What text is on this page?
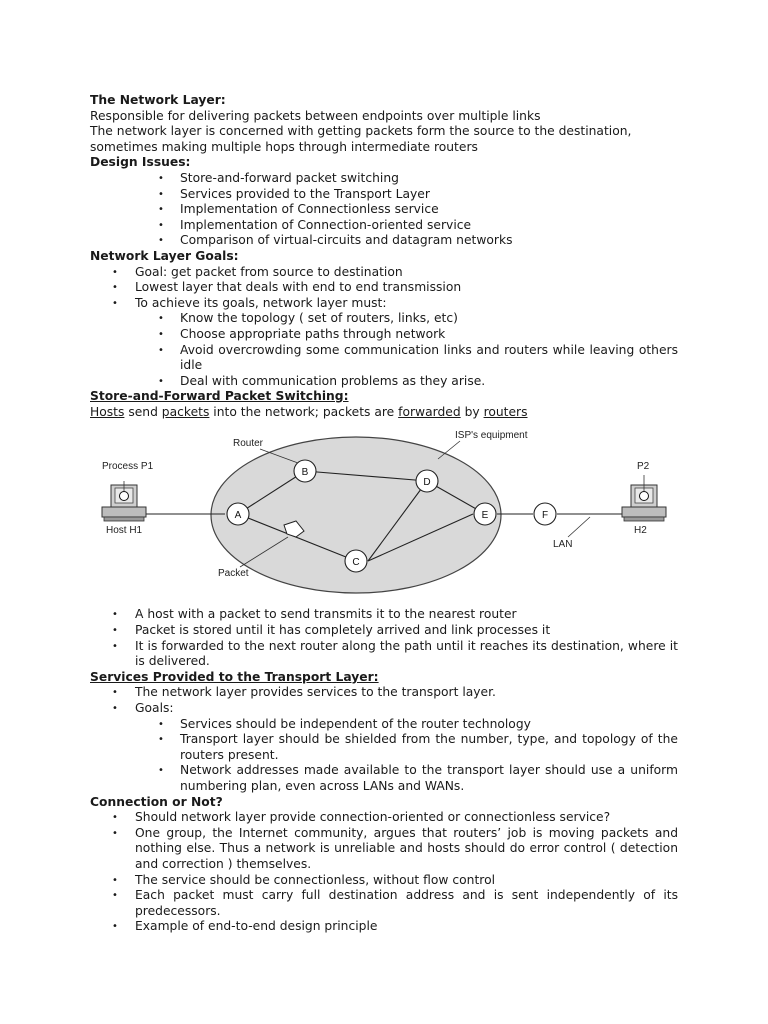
The Network Layer:

Responsible for delivering packets between endpoints over multiple links

The network layer is concerned with getting packets form the source to the destination, sometimes making multiple hops through intermediate routers

Design Issues:

• Store-and-forward packet switching
• Services provided to the Transport Layer
• Implementation of Connectionless service
• Implementation of Connection-oriented service
• Comparison of virtual-circuits and datagram networks

Network Layer Goals:

• Goal: get packet from source to destination
• Lowest layer that deals with end to end transmission
• To achieve its goals, network layer must:
• Know the topology ( set of routers, links, etc)
• Choose appropriate paths through network
• Avoid overcrowding some communication links and routers while leaving others idle
• Deal with communication problems as they arise.

Store-and-Forward Packet Switching:

Hosts send packets into the network; packets are forwarded by routers

ISP's equipment
A
B
C
D
E	F
Router
Packet
Process P1
Host H1
P2
H2
LAN
• A host with a packet to send transmits it to the nearest router
• Packet is stored until it has completely arrived and link processes it
• It is forwarded to the next router along the path until it reaches its destination, where it is delivered.

Services Provided to the Transport Layer:

• The network layer provides services to the transport layer.
• Goals:
• Services should be independent of the router technology
• Transport layer should be shielded from the number, type, and topology of the routers present.
• Network addresses made available to the transport layer should use a uniform numbering plan, even across LANs and WANs.

Connection or Not?

• Should network layer provide connection-oriented or connectionless service?
• One group, the Internet community, argues that routers’ job is moving packets and nothing else. Thus a network is unreliable and hosts should do error control ( detection and correction ) themselves.
• The service should be connectionless, without flow control
• Each packet must carry full destination address and is sent independently of its predecessors.
• Example of end-to-end design principle
